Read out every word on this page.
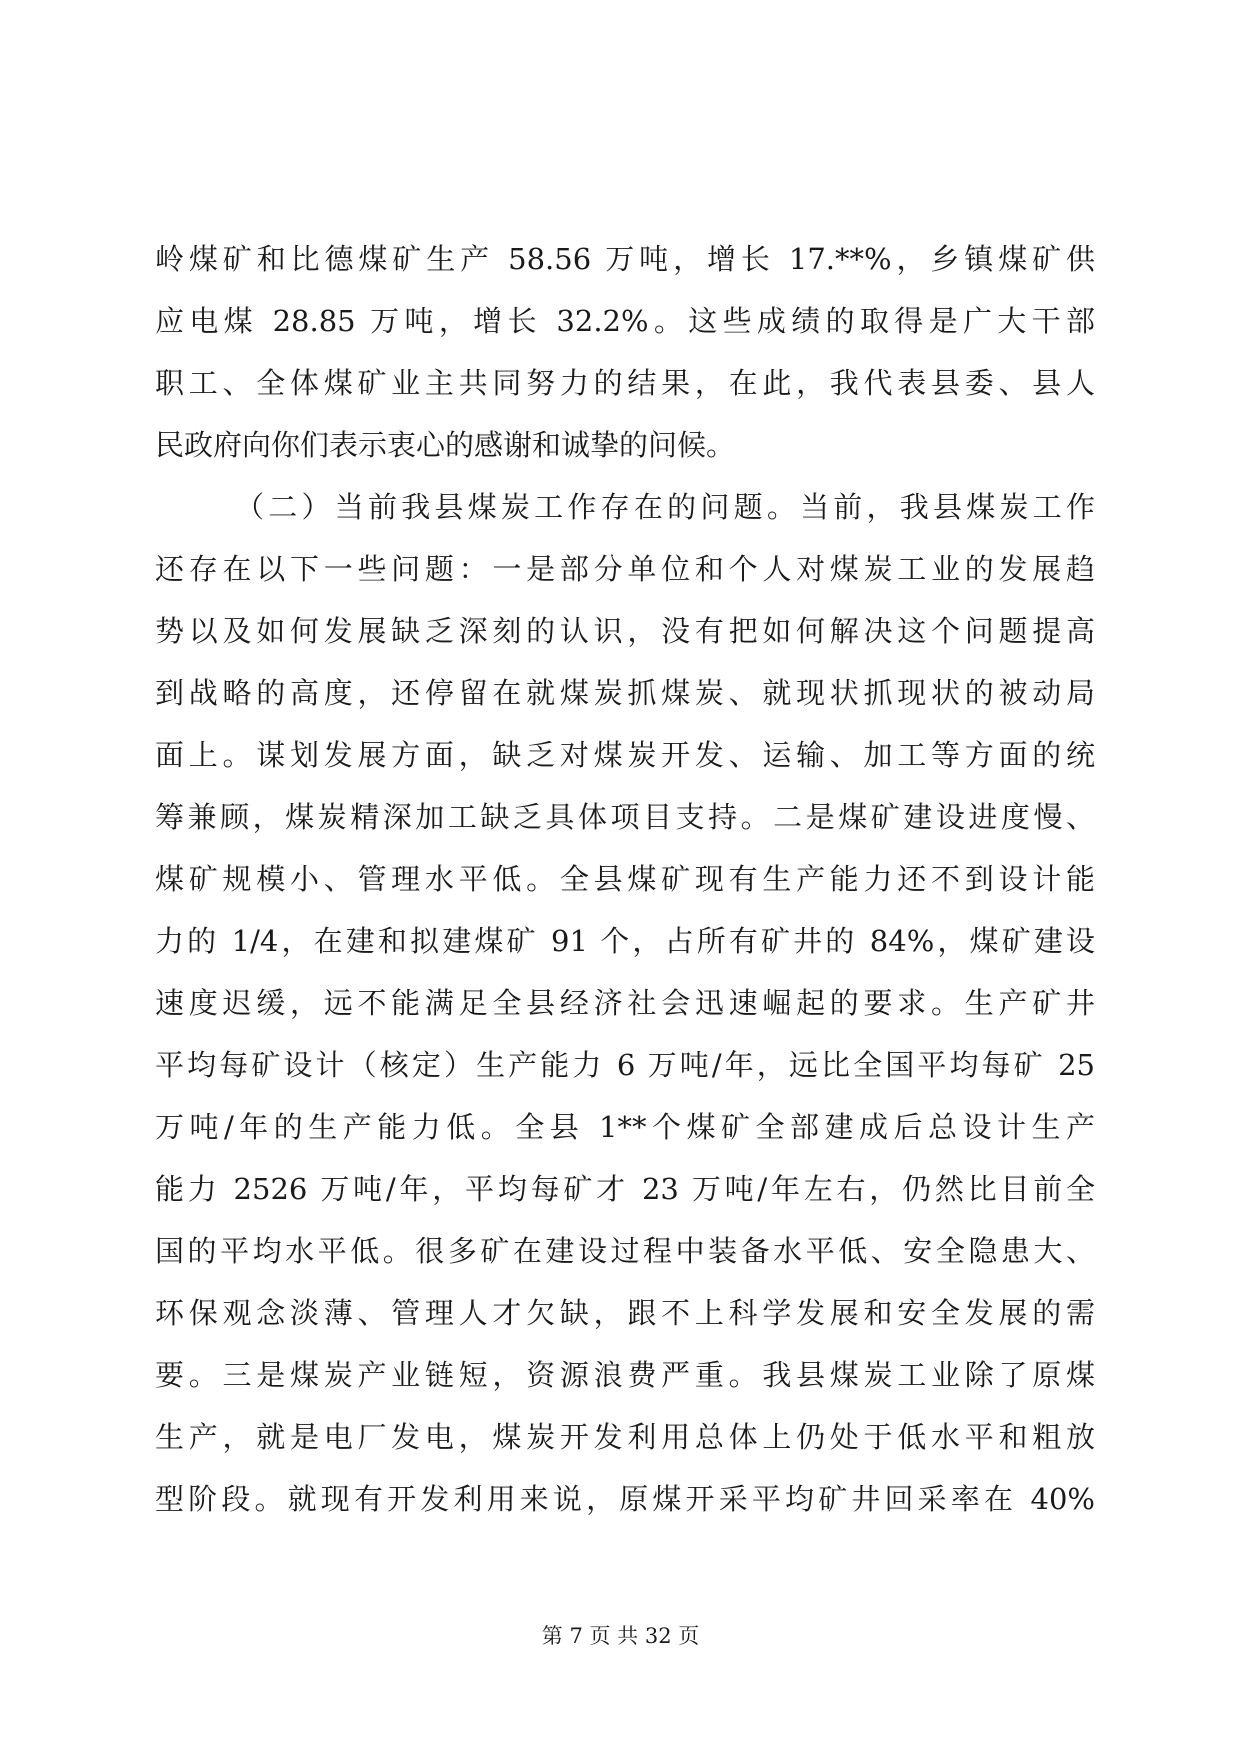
岭煤矿和比德煤矿生产 58.56 万吨，增长 17.**%，乡镇煤矿供
应电煤 28.85 万吨，增长 32.2%。这些成绩的取得是广大干部
职工、全体煤矿业主共同努力的结果，在此，我代表县委、县人
民政府向你们表示衷心的感谢和诚挚的问候。
（二）当前我县煤炭工作存在的问题。当前，我县煤炭工作
还存在以下一些问题：一是部分单位和个人对煤炭工业的发展趋
势以及如何发展缺乏深刻的认识，没有把如何解决这个问题提高
到战略的高度，还停留在就煤炭抓煤炭、就现状抓现状的被动局
面上。谋划发展方面，缺乏对煤炭开发、运输、加工等方面的统
筹兼顾，煤炭精深加工缺乏具体项目支持。二是煤矿建设进度慢、
煤矿规模小、管理水平低。全县煤矿现有生产能力还不到设计能
力的 1/4，在建和拟建煤矿 91 个，占所有矿井的 84%，煤矿建设
速度迟缓，远不能满足全县经济社会迅速崛起的要求。生产矿井
平均每矿设计（核定）生产能力 6 万吨/年，远比全国平均每矿 25
万吨/年的生产能力低。全县 1**个煤矿全部建成后总设计生产
能力 2526 万吨/年，平均每矿才 23 万吨/年左右，仍然比目前全
国的平均水平低。很多矿在建设过程中装备水平低、安全隐患大、
环保观念淡薄、管理人才欠缺，跟不上科学发展和安全发展的需
要。三是煤炭产业链短，资源浪费严重。我县煤炭工业除了原煤
生产，就是电厂发电，煤炭开发利用总体上仍处于低水平和粗放
型阶段。就现有开发利用来说，原煤开采平均矿井回采率在 40%
第 7 页 共 32 页
